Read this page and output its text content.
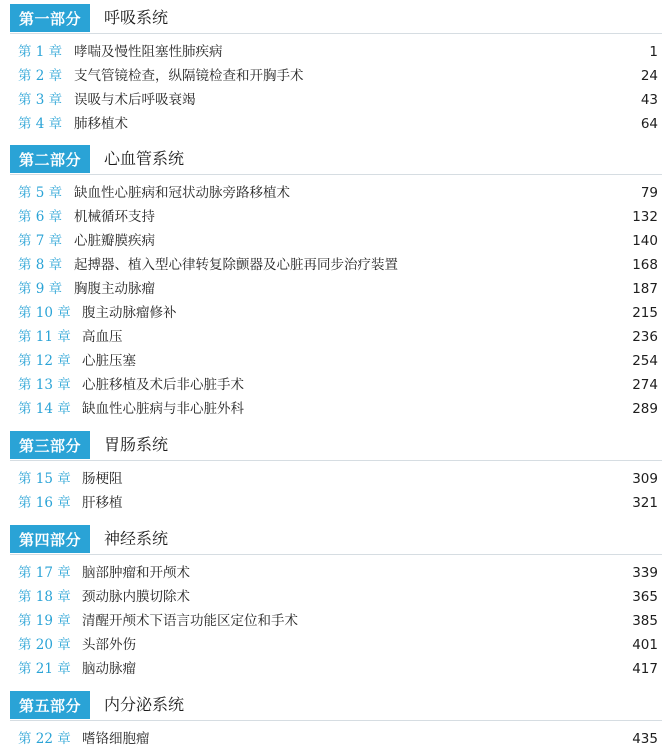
第一部分	呼吸系统
第 1 章 哮喘及慢性阻塞性肺疾病	1
第 2 章 支气管镜检查，纵隔镜检查和开胸手术	24
第 3 章 误吸与术后呼吸衰竭	43
第 4 章 肺移植术	64
第二部分	心血管系统
第 5 章 缺血性心脏病和冠状动脉旁路移植术	79
第 6 章 机械循环支持	132
第 7 章 心脏瓣膜疾病	140
第 8 章 起搏器、植入型心律转复除颤器及心脏再同步治疗装置	168
第 9 章 胸腹主动脉瘤	187
第 10 章 腹主动脉瘤修补	215
第 11 章 高血压	236
第 12 章 心脏压塞	254
第 13 章 心脏移植及术后非心脏手术	274
第 14 章 缺血性心脏病与非心脏外科	289
第三部分	胃肠系统
第 15 章 肠梗阻	309
第 16 章 肝移植	321
第四部分	神经系统
第 17 章 脑部肿瘤和开颅术	339
第 18 章 颈动脉内膜切除术	365
第 19 章 清醒开颅术下语言功能区定位和手术	385
第 20 章 头部外伤	401
第 21 章 脑动脉瘤	417
第五部分	内分泌系统
第 22 章 嗜铬细胞瘤	435
